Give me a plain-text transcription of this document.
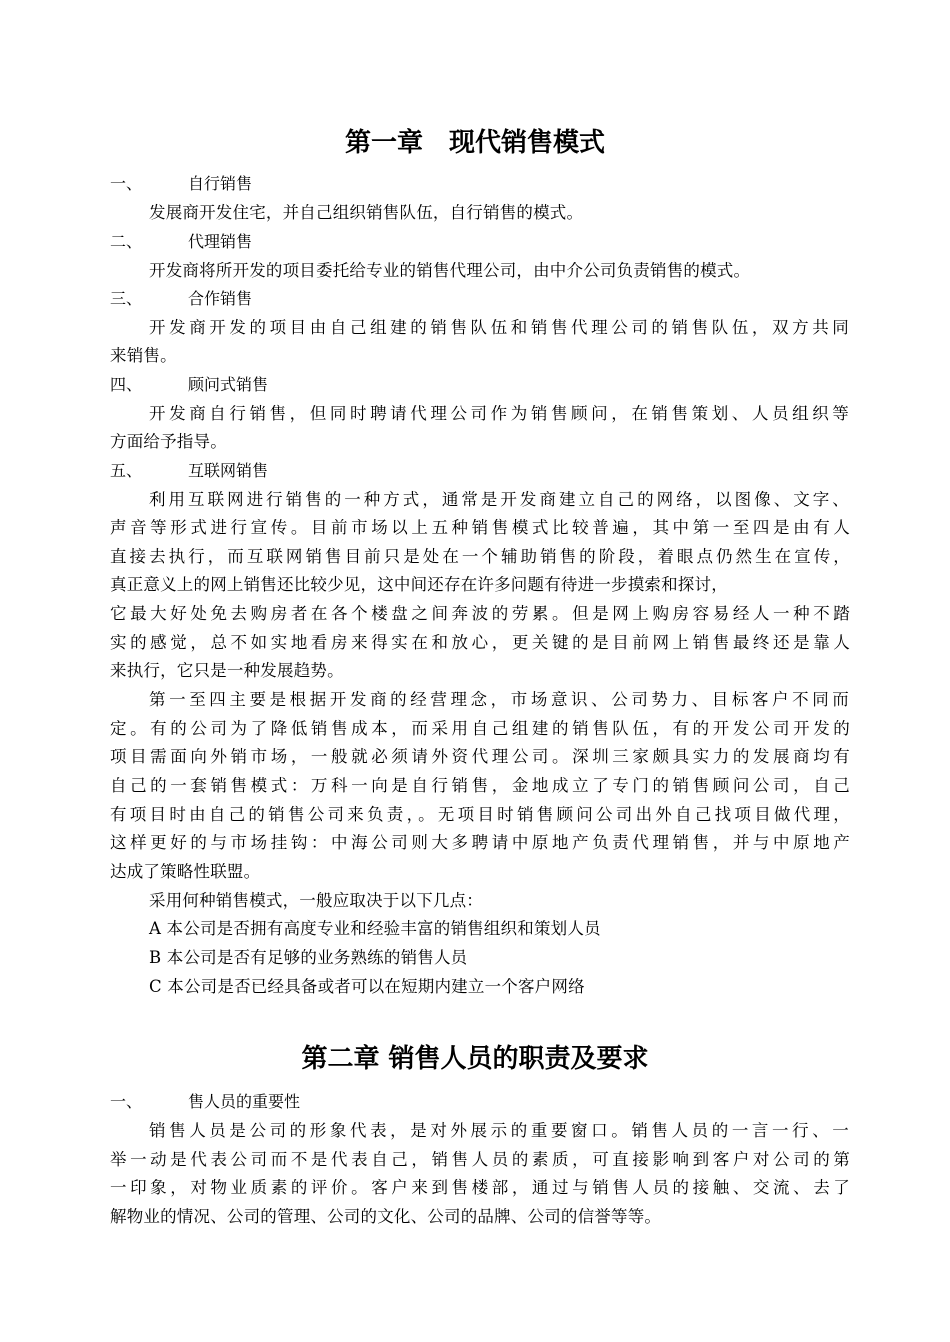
第一章　现代销售模式
一、	自行销售
发展商开发住宅，并自己组织销售队伍，自行销售的模式。
二、	代理销售
开发商将所开发的项目委托给专业的销售代理公司，由中介公司负责销售的模式。
三、	合作销售
开发商开发的项目由自己组建的销售队伍和销售代理公司的销售队伍，双方共同
来销售。
四、	顾问式销售
开发商自行销售，但同时聘请代理公司作为销售顾问，在销售策划、人员组织等
方面给予指导。
五、	互联网销售
利用互联网进行销售的一种方式，通常是开发商建立自己的网络，以图像、文字、
声音等形式进行宣传。目前市场以上五种销售模式比较普遍，其中第一至四是由有人
直接去执行，而互联网销售目前只是处在一个辅助销售的阶段，着眼点仍然生在宣传，
真正意义上的网上销售还比较少见，这中间还存在许多问题有待进一步摸索和探讨，
它最大好处免去购房者在各个楼盘之间奔波的劳累。但是网上购房容易经人一种不踏
实的感觉，总不如实地看房来得实在和放心，更关键的是目前网上销售最终还是靠人
来执行，它只是一种发展趋势。
第一至四主要是根据开发商的经营理念，市场意识、公司势力、目标客户不同而
定。有的公司为了降低销售成本，而采用自己组建的销售队伍，有的开发公司开发的
项目需面向外销市场，一般就必须请外资代理公司。深圳三家颇具实力的发展商均有
自己的一套销售模式：万科一向是自行销售，金地成立了专门的销售顾问公司，自己
有项目时由自己的销售公司来负责，。无项目时销售顾问公司出外自己找项目做代理，
这样更好的与市场挂钩：中海公司则大多聘请中原地产负责代理销售，并与中原地产
达成了策略性联盟。
采用何种销售模式，一般应取决于以下几点：
A 本公司是否拥有高度专业和经验丰富的销售组织和策划人员
B 本公司是否有足够的业务熟练的销售人员
C 本公司是否已经具备或者可以在短期内建立一个客户网络
第二章 销售人员的职责及要求
一、	售人员的重要性
销售人员是公司的形象代表，是对外展示的重要窗口。销售人员的一言一行、一
举一动是代表公司而不是代表自己，销售人员的素质，可直接影响到客户对公司的第
一印象，对物业质素的评价。客户来到售楼部，通过与销售人员的接触、交流、去了
解物业的情况、公司的管理、公司的文化、公司的品牌、公司的信誉等等。
